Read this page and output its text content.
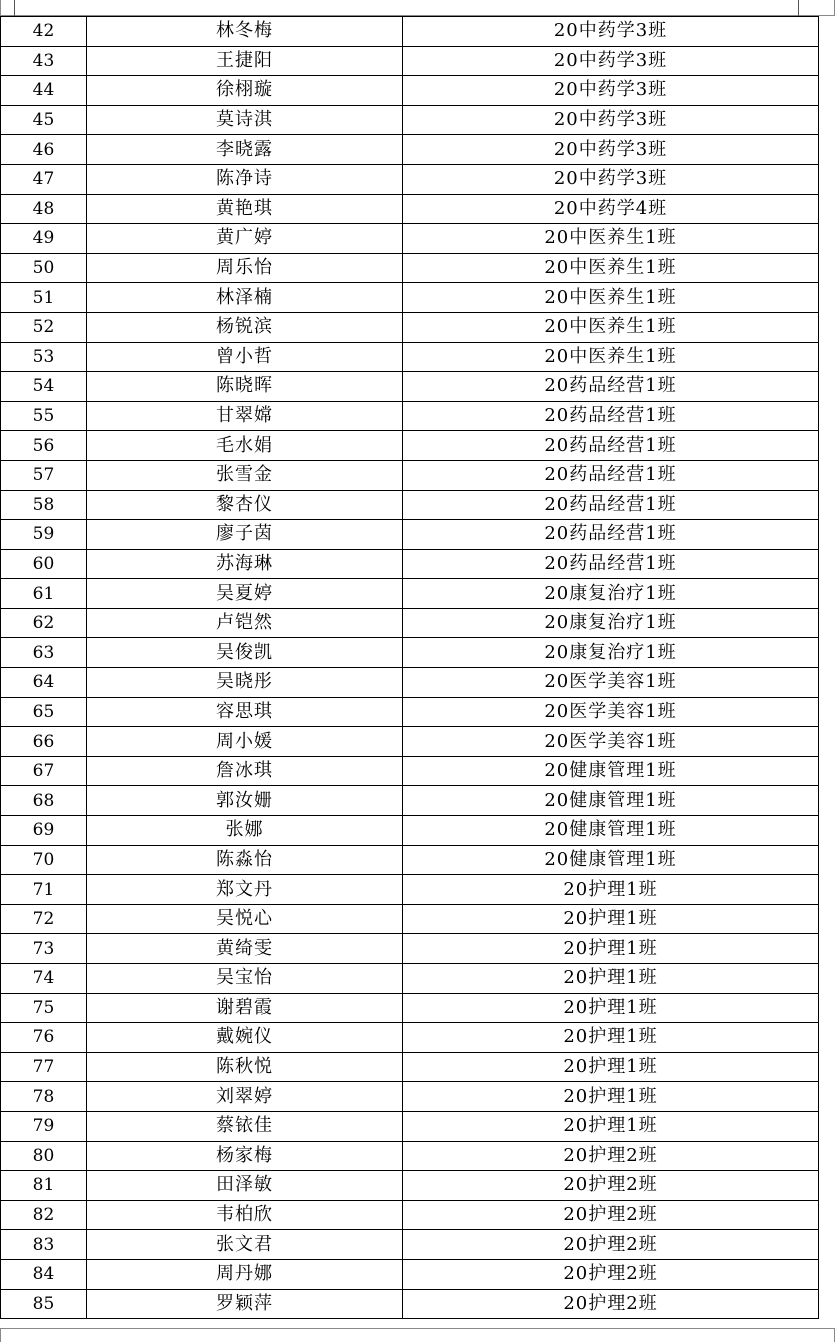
42	林冬梅	20中药学3班
43	王捷阳	20中药学3班
44	徐栩璇	20中药学3班
45	莫诗淇	20中药学3班
46	李晓露	20中药学3班
47	陈净诗	20中药学3班
48	黄艳琪	20中药学4班
49	黄广婷	20中医养生1班
50	周乐怡	20中医养生1班
51	林泽楠	20中医养生1班
52	杨锐滨	20中医养生1班
53	曾小哲	20中医养生1班
54	陈晓晖	20药品经营1班
55	甘翠嫦	20药品经营1班
56	毛水娟	20药品经营1班
57	张雪金	20药品经营1班
58	黎杏仪	20药品经营1班
59	廖子茵	20药品经营1班
60	苏海琳	20药品经营1班
61	吴夏婷	20康复治疗1班
62	卢铠然	20康复治疗1班
63	吴俊凯	20康复治疗1班
64	吴晓彤	20医学美容1班
65	容思琪	20医学美容1班
66	周小媛	20医学美容1班
67	詹冰琪	20健康管理1班
68	郭汝姗	20健康管理1班
69	张娜	20健康管理1班
70	陈淼怡	20健康管理1班
71	郑文丹	20护理1班
72	吴悦心	20护理1班
73	黄绮雯	20护理1班
74	吴宝怡	20护理1班
75	谢碧霞	20护理1班
76	戴婉仪	20护理1班
77	陈秋悦	20护理1班
78	刘翠婷	20护理1班
79	蔡铱佳	20护理1班
80	杨家梅	20护理2班
81	田泽敏	20护理2班
82	韦柏欣	20护理2班
83	张文君	20护理2班
84	周丹娜	20护理2班
85	罗颖萍	20护理2班
